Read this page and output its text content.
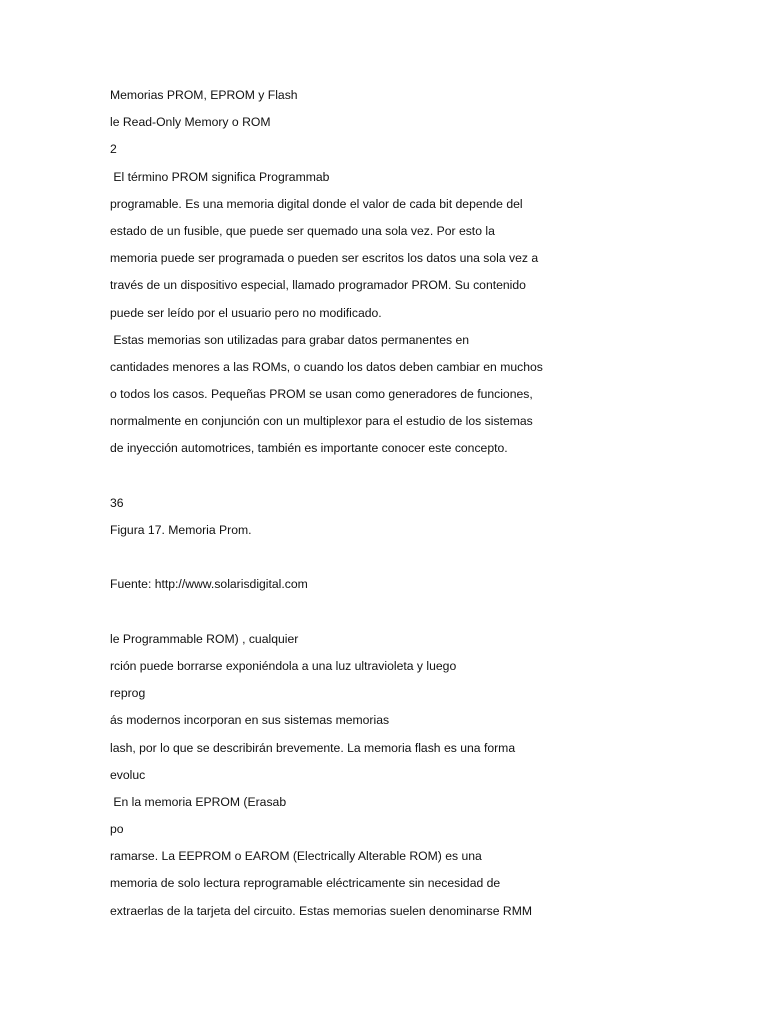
Memorias PROM, EPROM y Flash
le Read-Only Memory o ROM
2
El término PROM significa Programmab
programable. Es una memoria digital donde el valor de cada bit depende del
estado de un fusible, que puede ser quemado una sola vez. Por esto la
memoria puede ser programada o pueden ser escritos los datos una sola vez a
través de un dispositivo especial, llamado programador PROM. Su contenido
puede ser leído por el usuario pero no modificado.
Estas memorias son utilizadas para grabar datos permanentes en
cantidades menores a las ROMs, o cuando los datos deben cambiar en muchos
o todos los casos. Pequeñas PROM se usan como generadores de funciones,
normalmente en conjunción con un multiplexor para el estudio de los sistemas
de inyección automotrices, también es importante conocer este concepto.
36
Figura 17. Memoria Prom.
Fuente: http://www.solarisdigital.com
le Programmable ROM) , cualquier
rción puede borrarse exponiéndola a una luz ultravioleta y luego
reprog
ás modernos incorporan en sus sistemas memorias
lash, por lo que se describirán brevemente. La memoria flash es una forma
evoluc
En la memoria EPROM (Erasab
po
ramarse. La EEPROM o EAROM (Electrically Alterable ROM) es una
memoria de solo lectura reprogramable eléctricamente sin necesidad de
extraerlas de la tarjeta del circuito. Estas memorias suelen denominarse RMM
